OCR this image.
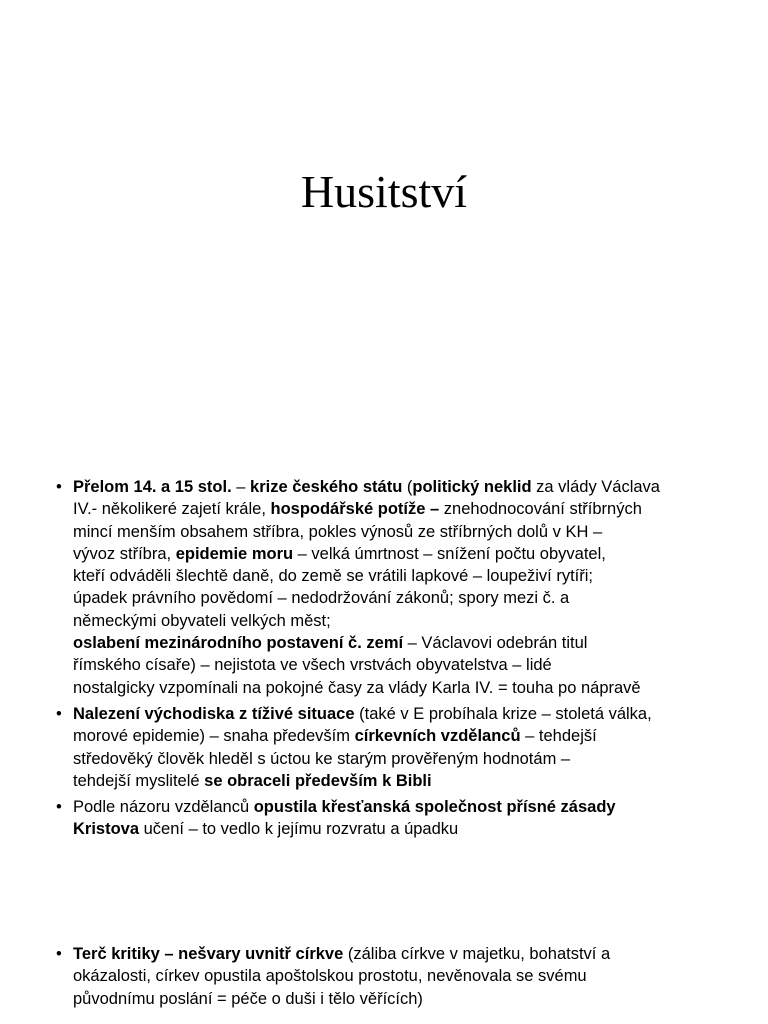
Husitství
• Přelom 14. a 15 stol. – krize českého státu (politický neklid za vlády Václava
IV.- několikeré zajetí krále, hospodářské potíže – znehodnocování stříbrných
mincí menším obsahem stříbra, pokles výnosů ze stříbrných dolů v KH –
vývoz stříbra, epidemie moru – velká úmrtnost – snížení počtu obyvatel,
kteří odváděli šlechtě daně, do země se vrátili lapkové – loupeživí rytíři;
úpadek právního povědomí – nedodržování zákonů; spory mezi č. a
německými obyvateli velkých měst;
oslabení mezinárodního postavení č. zemí – Václavovi odebrán titul
římského císaře) – nejistota ve všech vrstvách obyvatelstva – lidé
nostalgicky vzpomínali na pokojné časy za vlády Karla IV. = touha po nápravě
• Nalezení východiska z tíživé situace (také v E probíhala krize – stoletá válka,
morové epidemie) – snaha především církevních vzdělanců – tehdejší
středověký člověk hleděl s úctou ke starým prověřeným hodnotám –
tehdejší myslitelé se obraceli především k Bibli
• Podle názoru vzdělanců opustila křesťanská společnost přísné zásady
Kristova učení – to vedlo k jejímu rozvratu a úpadku
• Terč kritiky – nešvary uvnitř církve (záliba církve v majetku, bohatství a
okázalosti, církev opustila apoštolskou prostotu, nevěnovala se svému
původnímu poslání = péče o duši i tělo věřících)
